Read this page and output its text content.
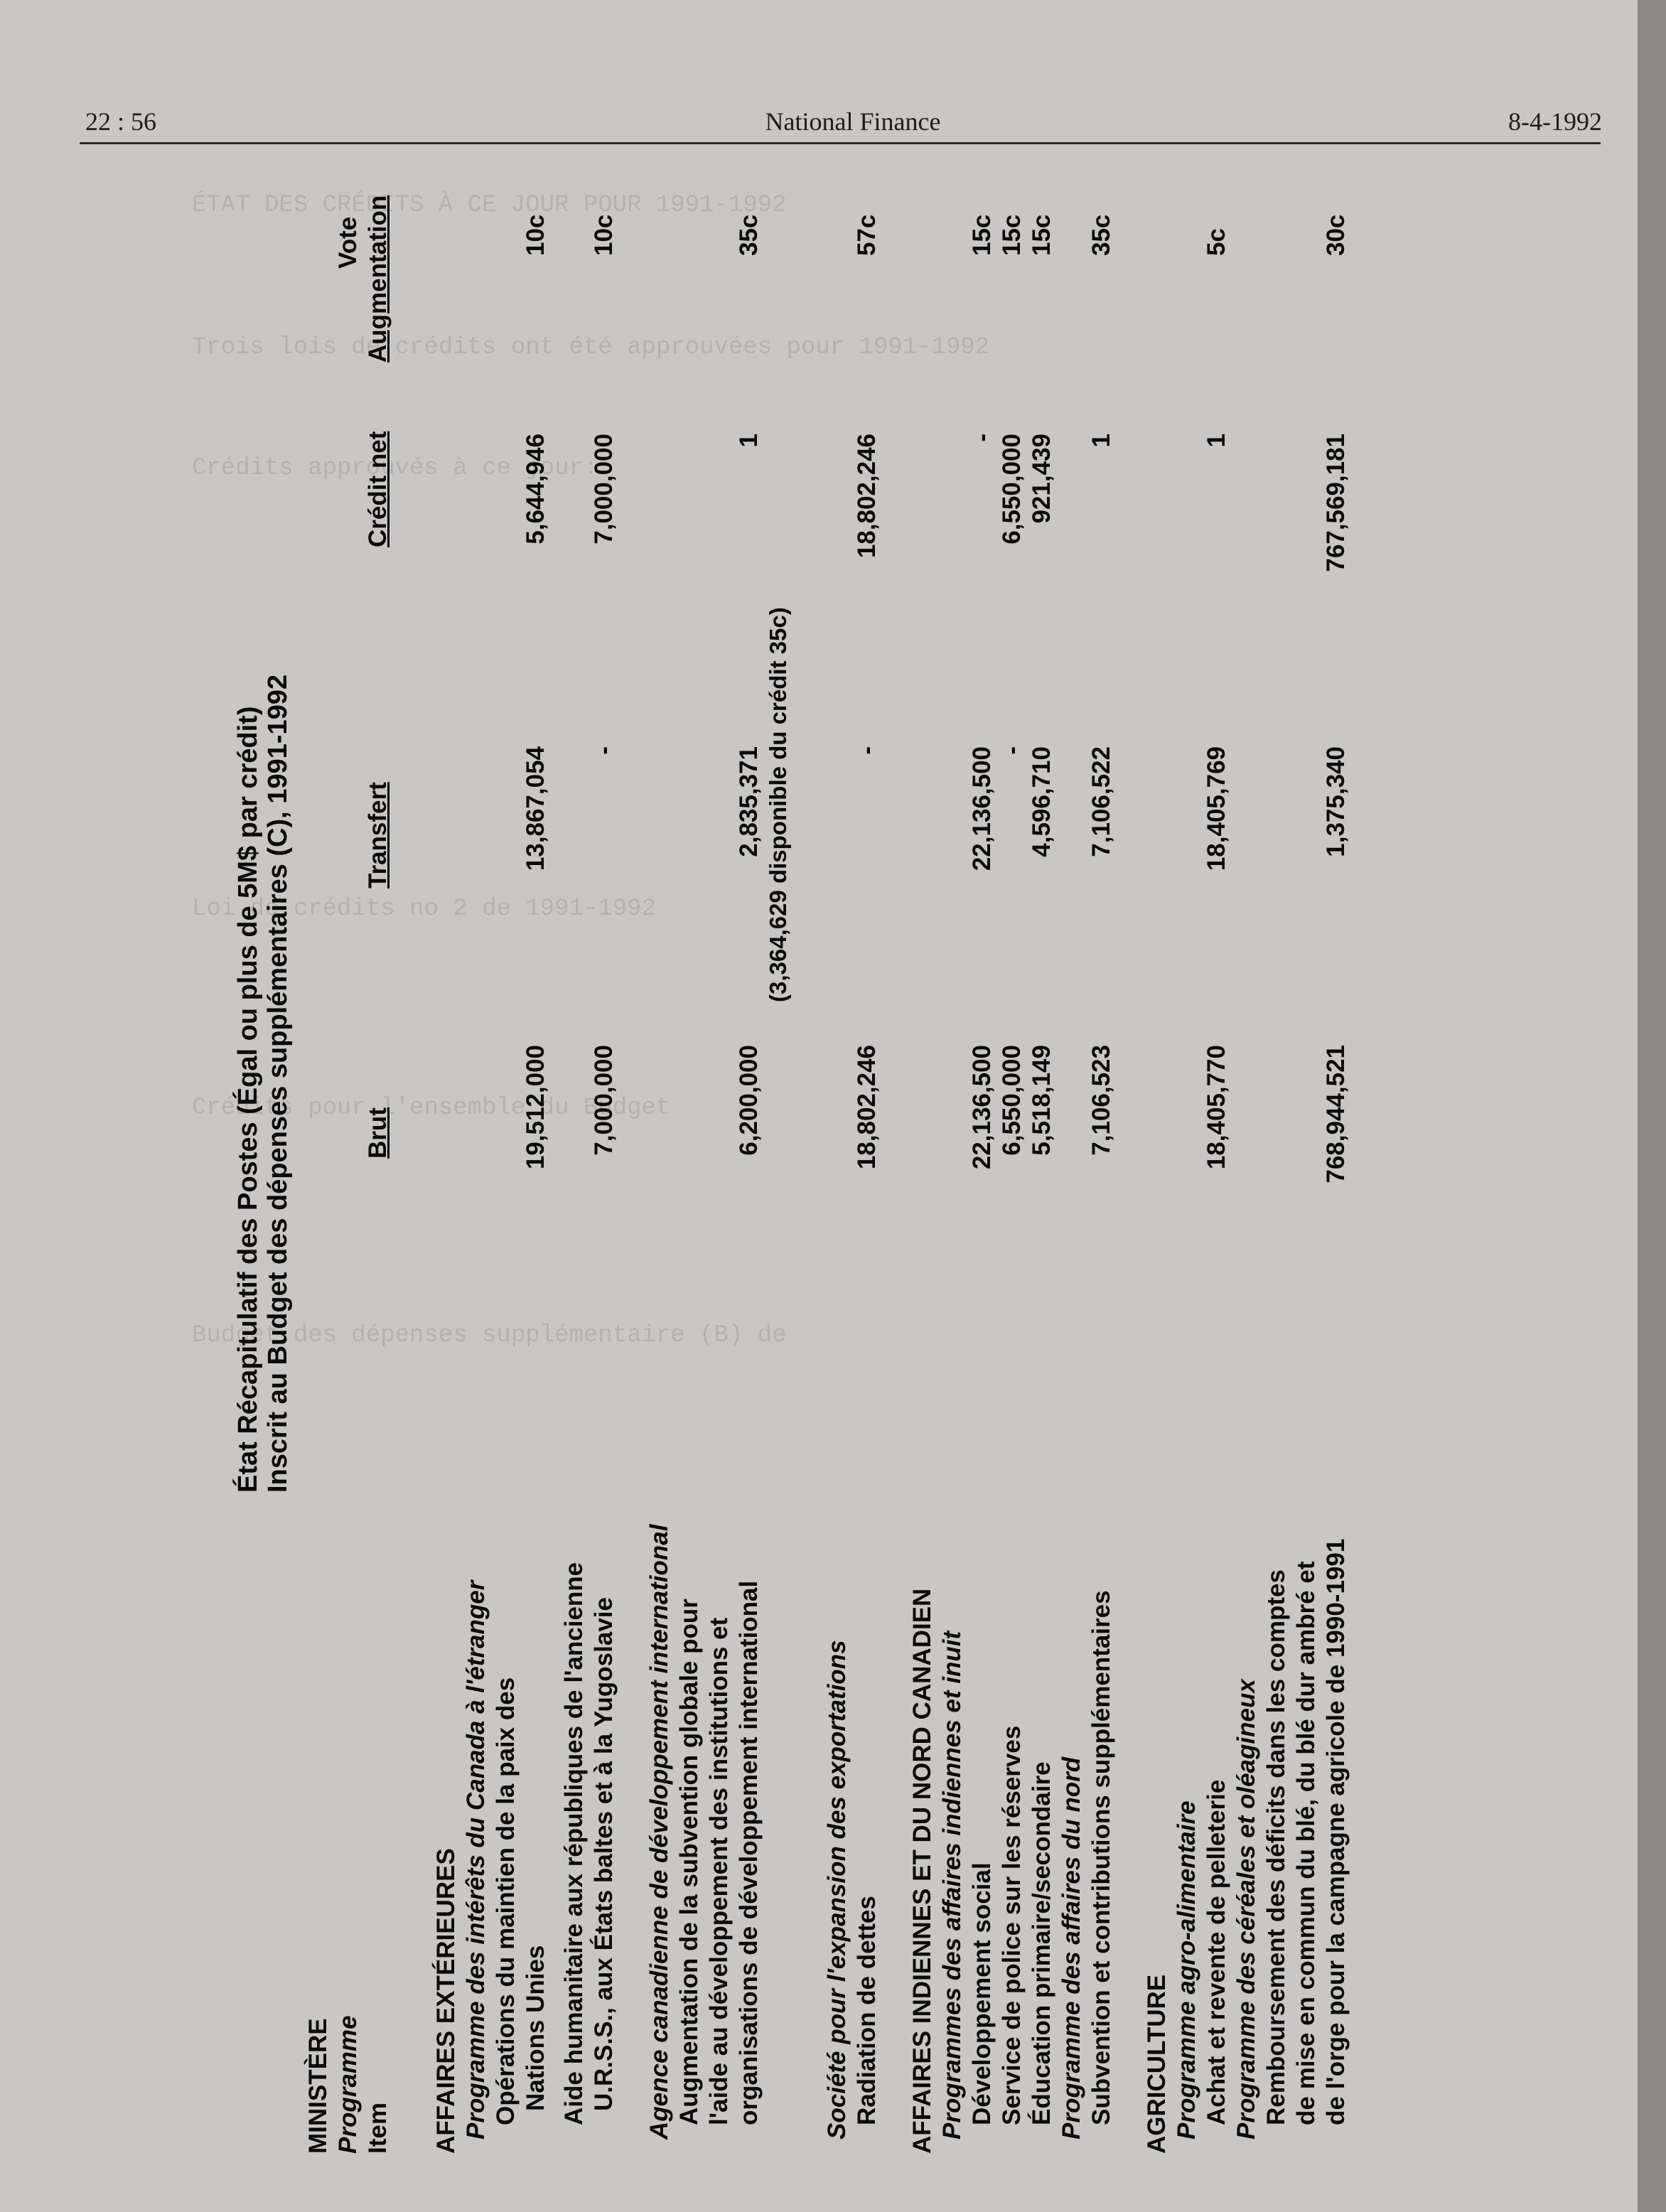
ÉTAT DES CRÉDITS À CE JOUR POUR 1991-1992
Trois lois de crédits ont été approuvées pour 1991-1992
Crédits approuvés à ce jour:
Loi de crédits no 2 de 1991-1992
Crédits pour l'ensemble du Budget
Budget des dépenses supplémentaire (B) de
22 : 56	National Finance	8-4-1992
État Récapitulatif des Postes (Égal ou plus de 5M$ par crédit) Inscrit au Budget des dépenses supplémentaires (C), 1991-1992
MINISTÈRE Programme Item
Brut
Transfert
Crédit net
Vote Augmentation
AFFAIRES EXTÉRIEURES Programme des intérêts du Canada à l'étranger Opérations du maintien de la paix des Nations Unies
19,512,000
13,867,054
5,644,946
10c
Aide humanitaire aux républiques de l'ancienne U.R.S.S., aux États baltes et à la Yugoslavie
7,000,000
-
7,000,000
10c
Agence canadienne de développement international Augmentation de la subvention globale pour l'aide au développement des institutions et organisations de développement international
6,200,000
2,835,371
1
35c
(3,364,629 disponible du crédit 35c)
Société pour l'expansion des exportations Radiation de dettes
18,802,246
-
18,802,246
57c
AFFAIRES INDIENNES ET DU NORD CANADIEN Programmes des affaires indiennes et inuit Développement social
22,136,500
22,136,500
-
15c
Service de police sur les réserves
6,550,000
-
6,550,000
15c
Éducation primaire/secondaire
5,518,149
4,596,710
921,439
15c
Programme des affaires du nord Subvention et contributions supplémentaires
7,106,523
7,106,522
1
35c
AGRICULTURE Programme agro-alimentaire Achat et revente de pelleterie
18,405,770
18,405,769
1
5c
Programme des céréales et oléagineux Remboursement des déficits dans les comptes de mise en commun du blé, du blé dur ambré et de l'orge pour la campagne agricole de 1990-1991
768,944,521
1,375,340
767,569,181
30c
